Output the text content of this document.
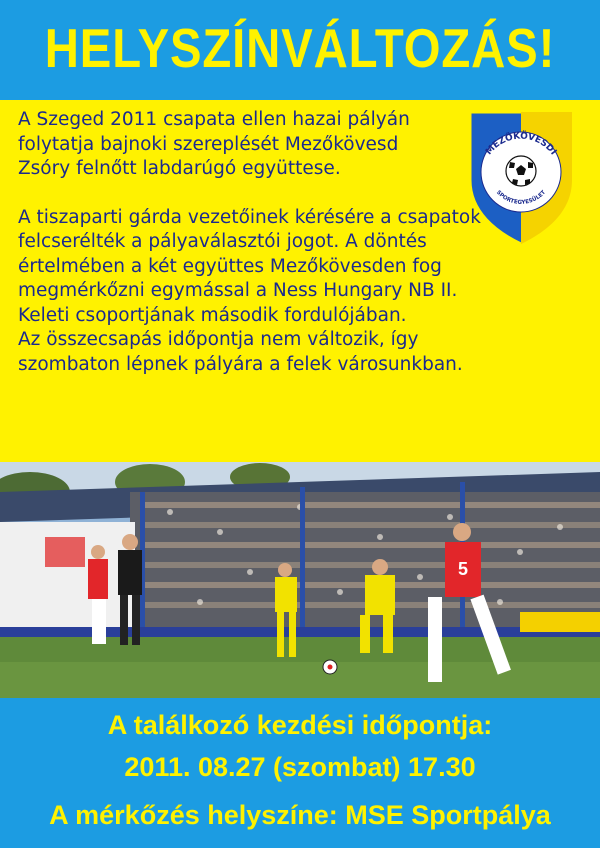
HELYSZÍNVÁLTOZÁS!

A Szeged 2011 csapata ellen hazai pályán folytatja bajnoki szereplését Mezőkövesd Zsóry felnőtt labdarúgó együttese.

A tiszaparti gárda vezetőinek kérésére a csapatok
felcserélték a pályaválasztói jogot. A döntés
értelmében a két együttes Mezőkövesden fog
megmérkőzni egymással a Ness Hungary NB II.
Keleti csoportjának második fordulójában.
Az összecsapás időpontja nem változik, így
szombaton lépnek pályára a felek városunkban.

MEZŐKÖVESDI
SPORTEGYESÜLET
5
A találkozó kezdési időpontja:
2011. 08.27 (szombat) 17.30
A mérkőzés helyszíne: MSE Sportpálya
